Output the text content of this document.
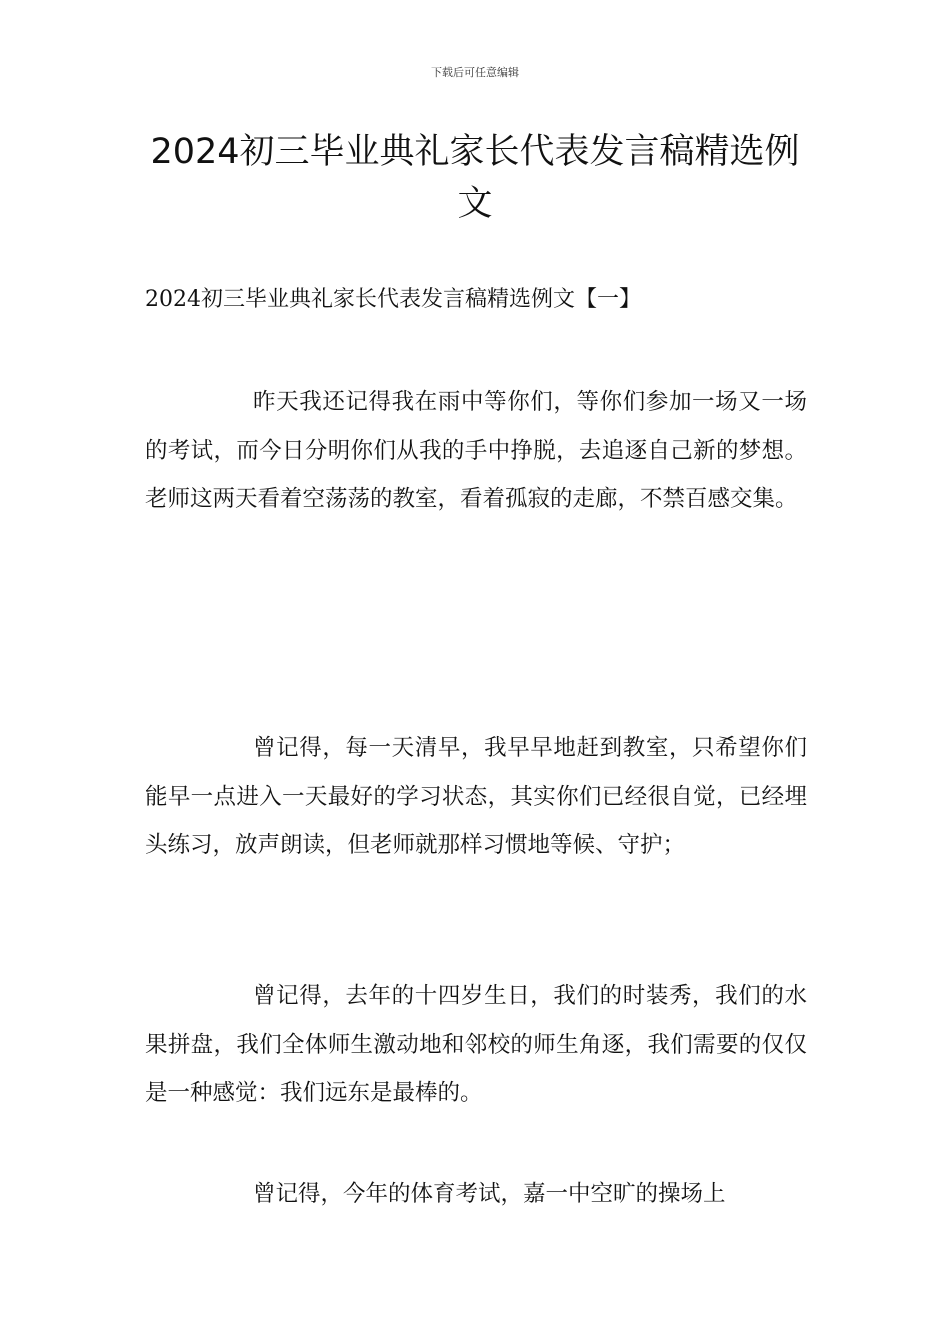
下载后可任意编辑
2024初三毕业典礼家长代表发言稿精选例文

2024初三毕业典礼家长代表发言稿精选例文【一】

昨天我还记得我在雨中等你们，等你们参加一场又一场的考试，而今日分明你们从我的手中挣脱，去追逐自己新的梦想。老师这两天看着空荡荡的教室，看着孤寂的走廊，不禁百感交集。

曾记得，每一天清早，我早早地赶到教室，只希望你们能早一点进入一天最好的学习状态，其实你们已经很自觉，已经埋头练习，放声朗读，但老师就那样习惯地等候、守护；

曾记得，去年的十四岁生日，我们的时装秀，我们的水果拼盘，我们全体师生激动地和邻校的师生角逐，我们需要的仅仅是一种感觉：我们远东是最棒的。

曾记得，今年的体育考试，嘉一中空旷的操场上
